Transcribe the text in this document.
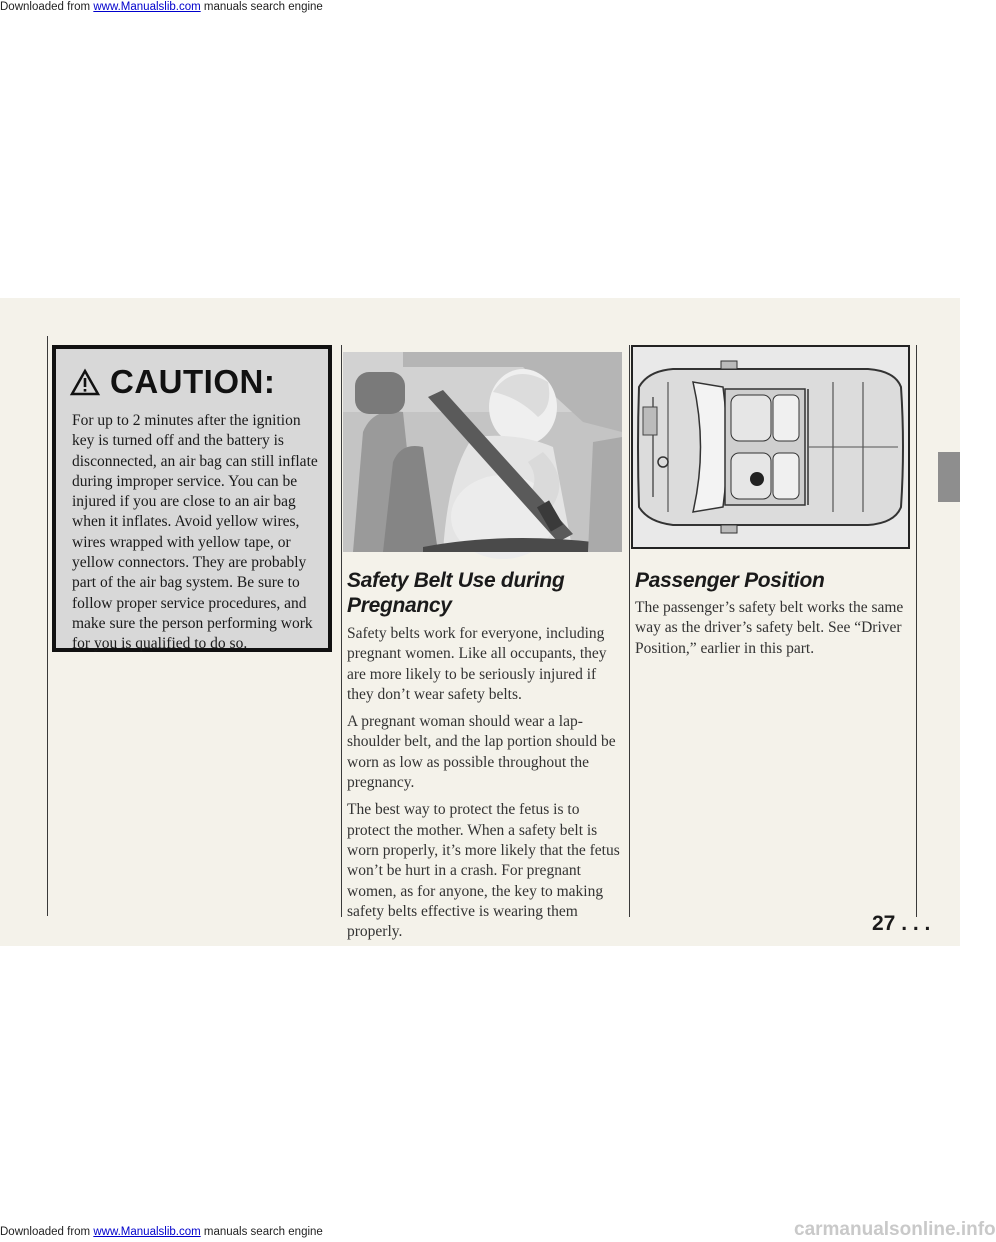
Downloaded from www.Manualslib.com manuals search engine
CAUTION:
For up to 2 minutes after the ignition key is turned off and the battery is disconnected, an air bag can still inflate during improper service. You can be injured if you are close to an air bag when it inflates. Avoid yellow wires, wires wrapped with yellow tape, or yellow connectors. They are probably part of the air bag system. Be sure to follow proper service procedures, and make sure the person performing work for you is qualified to do so.
Safety Belt Use during
Pregnancy

Safety belts work for everyone, including pregnant women. Like all occupants, they are more likely to be seriously injured if they don’t wear safety belts.

A pregnant woman should wear a lap-shoulder belt, and the lap portion should be worn as low as possible throughout the pregnancy.

The best way to protect the fetus is to protect the mother. When a safety belt is worn properly, it’s more likely that the fetus won’t be hurt in a crash. For pregnant women, as for anyone, the key to making safety belts effective is wearing them properly.

Passenger Position

The passenger’s safety belt works the same way as the driver’s safety belt. See “Driver Position,” earlier in this part.

27 . . .
Downloaded from www.Manualslib.com manuals search engine	carmanualsonline.info
